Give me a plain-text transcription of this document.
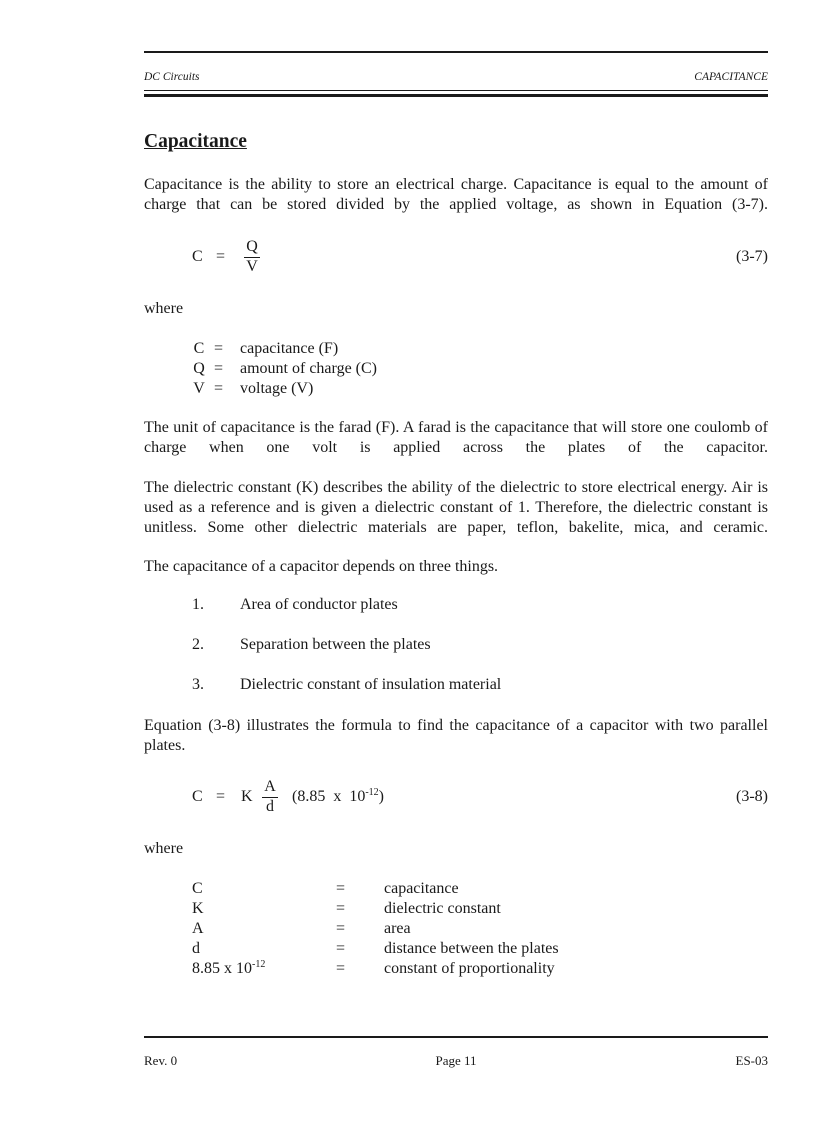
DC Circuits	CAPACITANCE
Capacitance
Capacitance is the ability to store an electrical charge. Capacitance is equal to the amount of charge that can be stored divided by the applied voltage, as shown in Equation (3-7).
C =
Q
V
(3-7)
where
C = capacitance (F)
Q = amount of charge (C)
V = voltage (V)
The unit of capacitance is the farad (F). A farad is the capacitance that will store one coulomb of charge when one volt is applied across the plates of the capacitor.
The dielectric constant (K) describes the ability of the dielectric to store electrical energy. Air is used as a reference and is given a dielectric constant of 1. Therefore, the dielectric constant is unitless. Some other dielectric materials are paper, teflon, bakelite, mica, and ceramic.
The capacitance of a capacitor depends on three things.
1. Area of conductor plates
2. Separation between the plates
3. Dielectric constant of insulation material
Equation (3-8) illustrates the formula to find the capacitance of a capacitor with two parallel plates.
C = K
A
d
(8.85  x  $10^{-12}$)	(3-8)
where
C	= capacitance
K	= dielectric constant
A	= area
d	= distance between the plates
8.85 x $10^{-12}$	= constant of proportionality
Rev. 0	Page 11	ES-03
